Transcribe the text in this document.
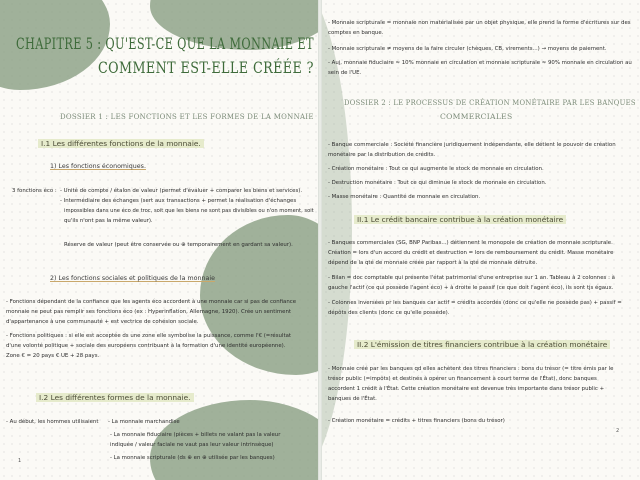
CHAPITRE 5 : QU'EST-CE QUE LA MONNAIE ET
COMMENT EST-ELLE CRÉÉE ?
DOSSIER 1 : LES FONCTIONS ET LES FORMES DE LA MONNAIE
I.1 Les différentes fonctions de la monnaie.
1) Les fonctions économiques.
3 fonctions éco : - Unité de compte / étalon de valeur (permet d'évaluer + comparer les biens et services).
- Intermédiaire des échanges (sert aux transactions + permet la réalisation d'échanges
impossibles dans une éco de troc, soit que les biens ne sont pas divisibles ou n'on moment, soit
qu'ils n'ont pas la même valeur).
Réserve de valeur (peut être conservée ou ⊕ temporairement en gardant sa valeur).
2) Les fonctions sociales et politiques de la monnaie
- Fonctions dépendant de la confiance que les agents éco accordent à une monnaie car si pas de confiance
monnaie ne peut pas remplir ses fonctions éco (ex : Hyperinflation, Allemagne, 1920). Crée un sentiment
d'appartenance à une communauté + est vectrice de cohésion sociale.
- Fonctions politiques : si elle est acceptée ds une zone elle symbolise la puissance, comme l'€ (=résultat
d'une volonté politique + sociale des européens contribuant à la formation d'une identité européenne).
Zone € = 20 pays € UE + 28 pays.
I.2 Les différentes formes de la monnaie.
- Au début, les hommes utilisaient - La monnaie marchandise
- La monnaie fiduciaire (pièces + billets ne valant pas la valeur
indiquée / valeur faciale ne vaut pas leur valeur intrinsèque)
- La monnaie scripturale (ds ⊕ en ⊕ utilisée par les banques)
1
- Monnaie scripturale = monnaie non matérialisée par un objet physique, elle prend la forme d'écritures sur des
comptes en banque.
- Monnaie scripturale ≠ moyens de la faire circuler (chèques, CB, virements...) → moyens de paiement.
- Auj, monnaie fiduciaire ≈ 10% monnaie en circulation et monnaie scripturale ≈ 90% monnaie en circulation au
sein de l'UE.
DOSSIER 2 : LE PROCESSUS DE CRÉATION MONÉTAIRE PAR LES BANQUES
COMMERCIALES
- Banque commerciale : Société financière juridiquement indépendante, elle détient le pouvoir de création
monétaire par la distribution de crédits.
- Création monétaire : Tout ce qui augmente le stock de monnaie en circulation.
- Destruction monétaire : Tout ce qui diminue le stock de monnaie en circulation.
- Masse monétaire : Quantité de monnaie en circulation.
II.1 Le crédit bancaire contribue à la création monétaire
- Banques commerciales (SG, BNP Paribas...) détiennent le monopole de création de monnaie scripturale.
Création = lors d'un accord du crédit et destruction = lors de remboursement du crédit. Masse monétaire
dépend de la qté de monnaie créée par rapport à la qté de monnaie détruite.
- Bilan = doc comptable qui présente l'état patrimonial d'une entreprise sur 1 an. Tableau à 2 colonnes : à
gauche l'actif (ce qui possède l'agent éco) + à droite le passif (ce que doit l'agent éco), ils sont tjs égaux.
- Colonnes inversées pr les banques car actif = crédits accordés (donc ce qu'elle ne possède pas) + passif =
dépôts des clients (donc ce qu'elle possède).
II.2 L'émission de titres financiers contribue à la création monétaire
- Monnaie créé par les banques qd elles achètent des titres financiers : bons du trésor (= titre émis par le
trésor public (=impôts) et destinés à opérer un financement à court terme de l'État), donc banques
accordent 1 crédit à l'État. Cette création monétaire est devenue très importante dans trésor public +
banques de l'État.
- Création monétaire = crédits + titres financiers (bons du trésor)
2
